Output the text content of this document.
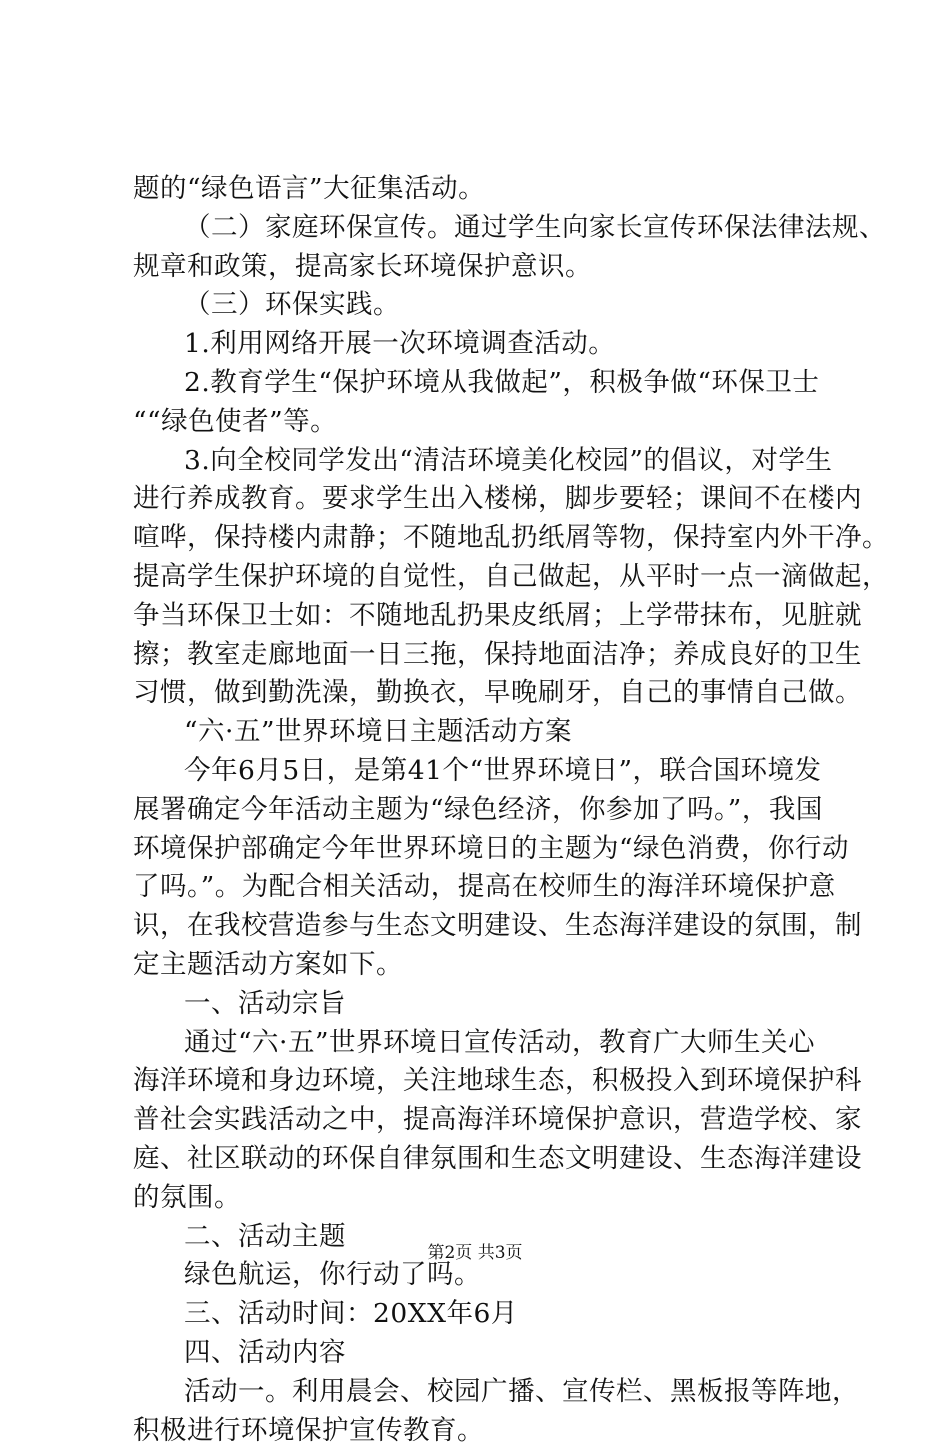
题的“绿色语言”大征集活动。
（二）家庭环保宣传。通过学生向家长宣传环保法律法规、
规章和政策，提高家长环境保护意识。
（三）环保实践。
1.利用网络开展一次环境调查活动。
2.教育学生“保护环境从我做起”，积极争做“环保卫士
““绿色使者”等。
3.向全校同学发出“清洁环境美化校园”的倡议，对学生
进行养成教育。要求学生出入楼梯，脚步要轻；课间不在楼内
喧哗，保持楼内肃静；不随地乱扔纸屑等物，保持室内外干净。
提高学生保护环境的自觉性，自己做起，从平时一点一滴做起，
争当环保卫士如：不随地乱扔果皮纸屑；上学带抹布，见脏就
擦；教室走廊地面一日三拖，保持地面洁净；养成良好的卫生
习惯，做到勤洗澡，勤换衣，早晚刷牙，自己的事情自己做。
“六·五”世界环境日主题活动方案
今年6月5日，是第41个“世界环境日”，联合国环境发
展署确定今年活动主题为“绿色经济，你参加了吗。”，我国
环境保护部确定今年世界环境日的主题为“绿色消费，你行动
了吗。”。为配合相关活动，提高在校师生的海洋环境保护意
识，在我校营造参与生态文明建设、生态海洋建设的氛围，制
定主题活动方案如下。
一、活动宗旨
通过“六·五”世界环境日宣传活动，教育广大师生关心
海洋环境和身边环境，关注地球生态，积极投入到环境保护科
普社会实践活动之中，提高海洋环境保护意识，营造学校、家
庭、社区联动的环保自律氛围和生态文明建设、生态海洋建设
的氛围。
二、活动主题
绿色航运，你行动了吗。
三、活动时间：20XX年6月
四、活动内容
活动一。利用晨会、校园广播、宣传栏、黑板报等阵地，
积极进行环境保护宣传教育。
第2页 共3页
